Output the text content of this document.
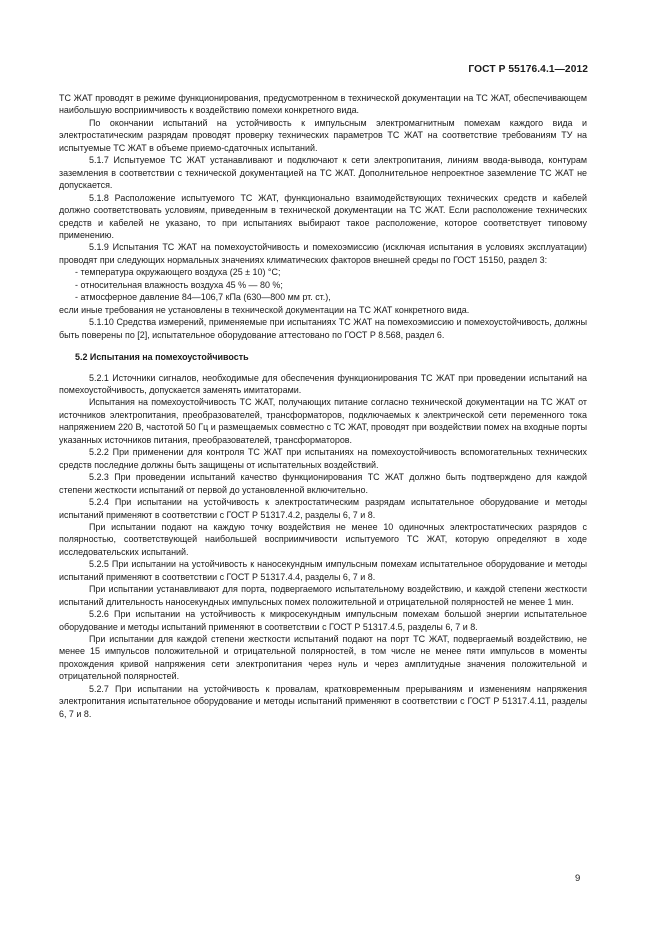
ГОСТ Р 55176.4.1—2012

ТС ЖАТ проводят в режиме функционирования, предусмотренном в технической документации на ТС ЖАТ, обеспечивающем наибольшую восприимчивость к воздействию помехи конкретного вида.

По окончании испытаний на устойчивость к импульсным электромагнитным помехам каждого вида и электростатическим разрядам проводят проверку технических параметров ТС ЖАТ на соответствие требованиям ТУ на испытуемые ТС ЖАТ в объеме приемо-сдаточных испытаний.

5.1.7 Испытуемое ТС ЖАТ устанавливают и подключают к сети электропитания, линиям ввода-вывода, контурам заземления в соответствии с технической документацией на ТС ЖАТ. Дополнительное непроектное заземление ТС ЖАТ не допускается.

5.1.8 Расположение испытуемого ТС ЖАТ, функционально взаимодействующих технических средств и кабелей должно соответствовать условиям, приведенным в технической документации на ТС ЖАТ. Если расположение технических средств и кабелей не указано, то при испытаниях выбирают такое расположение, которое соответствует типовому применению.

5.1.9 Испытания ТС ЖАТ на помехоустойчивость и помехоэмиссию (исключая испытания в условиях эксплуатации) проводят при следующих нормальных значениях климатических факторов внешней среды по ГОСТ 15150, раздел 3:

- температура окружающего воздуха (25 ± 10) °С;

- относительная влажность воздуха 45 % — 80 %;

- атмосферное давление 84—106,7 кПа (630—800 мм рт. ст.),

если иные требования не установлены в технической документации на ТС ЖАТ конкретного вида.

5.1.10 Средства измерений, применяемые при испытаниях ТС ЖАТ на помехоэмиссию и помехоустойчивость, должны быть поверены по [2], испытательное оборудование аттестовано по ГОСТ Р 8.568, раздел 6.

5.2 Испытания на помехоустойчивость

5.2.1 Источники сигналов, необходимые для обеспечения функционирования ТС ЖАТ при проведении испытаний на помехоустойчивость, допускается заменять имитаторами.

Испытания на помехоустойчивость ТС ЖАТ, получающих питание согласно технической документации на ТС ЖАТ от источников электропитания, преобразователей, трансформаторов, подключаемых к электрической сети переменного тока напряжением 220 В, частотой 50 Гц и размещаемых совместно с ТС ЖАТ, проводят при воздействии помех на входные порты указанных источников питания, преобразователей, трансформаторов.

5.2.2 При применении для контроля ТС ЖАТ при испытаниях на помехоустойчивость вспомогательных технических средств последние должны быть защищены от испытательных воздействий.

5.2.3 При проведении испытаний качество функционирования ТС ЖАТ должно быть подтверждено для каждой степени жесткости испытаний от первой до установленной включительно.

5.2.4 При испытании на устойчивость к электростатическим разрядам испытательное оборудование и методы испытаний применяют в соответствии с ГОСТ Р 51317.4.2, разделы 6, 7 и 8.

При испытании подают на каждую точку воздействия не менее 10 одиночных электростатических разрядов с полярностью, соответствующей наибольшей восприимчивости испытуемого ТС ЖАТ, которую определяют в ходе исследовательских испытаний.

5.2.5 При испытании на устойчивость к наносекундным импульсным помехам испытательное оборудование и методы испытаний применяют в соответствии с ГОСТ Р 51317.4.4, разделы 6, 7 и 8.

При испытании устанавливают для порта, подвергаемого испытательному воздействию, и каждой степени жесткости испытаний длительность наносекундных импульсных помех положительной и отрицательной полярностей не менее 1 мин.

5.2.6 При испытании на устойчивость к микросекундным импульсным помехам большой энергии испытательное оборудование и методы испытаний применяют в соответствии с ГОСТ Р 51317.4.5, разделы 6, 7 и 8.

При испытании для каждой степени жесткости испытаний подают на порт ТС ЖАТ, подвергаемый воздействию, не менее 15 импульсов положительной и отрицательной полярностей, в том числе не менее пяти импульсов в моменты прохождения кривой напряжения сети электропитания через нуль и через амплитудные значения положительной и отрицательной полярностей.

5.2.7 При испытании на устойчивость к провалам, кратковременным прерываниям и изменениям напряжения электропитания испытательное оборудование и методы испытаний применяют в соответствии с ГОСТ Р 51317.4.11, разделы 6, 7 и 8.

9
